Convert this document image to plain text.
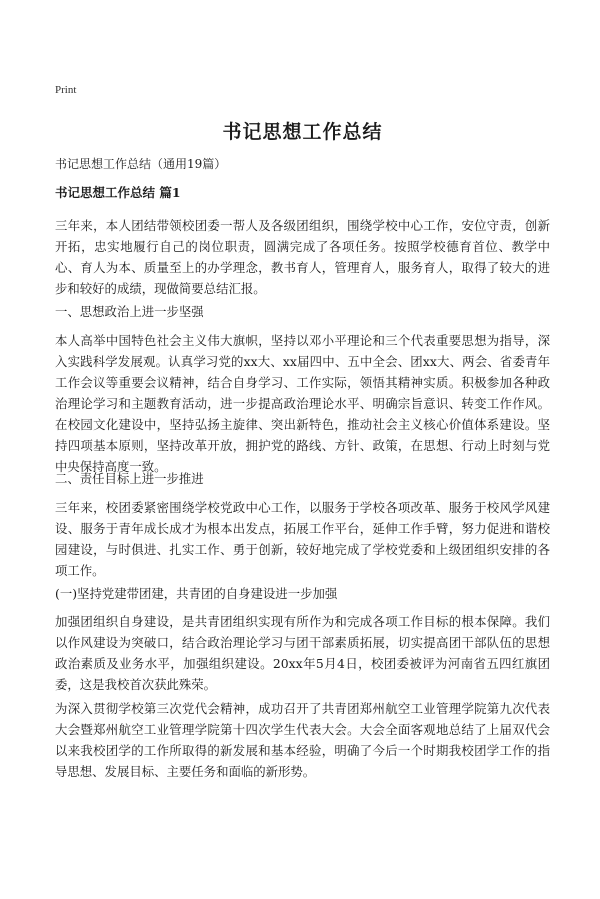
Print
书记思想工作总结
书记思想工作总结（通用19篇）
书记思想工作总结 篇1

三年来，本人团结带领校团委一帮人及各级团组织，围绕学校中心工作，安位守责，创新开拓，忠实地履行自己的岗位职责，圆满完成了各项任务。按照学校德育首位、教学中心、育人为本、质量至上的办学理念，教书育人，管理育人，服务育人，取得了较大的进步和较好的成绩，现做简要总结汇报。

一、思想政治上进一步坚强

本人高举中国特色社会主义伟大旗帜，坚持以邓小平理论和三个代表重要思想为指导，深入实践科学发展观。认真学习党的xx大、xx届四中、五中全会、团xx大、两会、省委青年工作会议等重要会议精神，结合自身学习、工作实际，领悟其精神实质。积极参加各种政治理论学习和主题教育活动，进一步提高政治理论水平、明确宗旨意识、转变工作作风。在校园文化建设中，坚持弘扬主旋律、突出新特色，推动社会主义核心价值体系建设。坚持四项基本原则，坚持改革开放，拥护党的路线、方针、政策，在思想、行动上时刻与党中央保持高度一致。

二、责任目标上进一步推进

三年来，校团委紧密围绕学校党政中心工作，以服务于学校各项改革、服务于校风学风建设、服务于青年成长成才为根本出发点，拓展工作平台，延伸工作手臂，努力促进和谐校园建设，与时俱进、扎实工作、勇于创新，较好地完成了学校党委和上级团组织安排的各项工作。

(一)坚持党建带团建，共青团的自身建设进一步加强

加强团组织自身建设，是共青团组织实现有所作为和完成各项工作目标的根本保障。我们以作风建设为突破口，结合政治理论学习与团干部素质拓展，切实提高团干部队伍的思想政治素质及业务水平，加强组织建设。20xx年5月4日，校团委被评为河南省五四红旗团委，这是我校首次获此殊荣。

为深入贯彻学校第三次党代会精神，成功召开了共青团郑州航空工业管理学院第九次代表大会暨郑州航空工业管理学院第十四次学生代表大会。大会全面客观地总结了上届双代会以来我校团学的工作所取得的新发展和基本经验，明确了今后一个时期我校团学工作的指导思想、发展目标、主要任务和面临的新形势。
